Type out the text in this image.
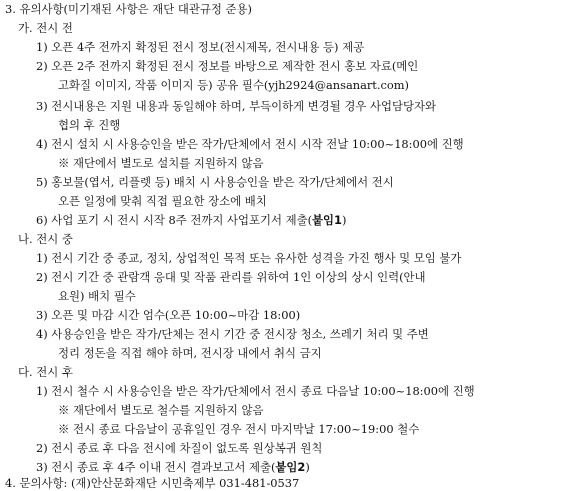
3. 유의사항(미기재된 사항은 재단 대관규정 준용)
가. 전시 전
1) 오픈 4주 전까지 확정된 전시 정보(전시제목, 전시내용 등) 제공
2) 오픈 2주 전까지 확정된 전시 정보를 바탕으로 제작한 전시 홍보 자료(메인
고화질 이미지, 작품 이미지 등) 공유 필수(yjh2924@ansanart.com)
3) 전시내용은 지원 내용과 동일해야 하며, 부득이하게 변경될 경우 사업담당자와
협의 후 진행
4) 전시 설치 시 사용승인을 받은 작가/단체에서 전시 시작 전날 10:00~18:00에 진행
※ 재단에서 별도로 설치를 지원하지 않음
5) 홍보물(엽서, 리플렛 등) 배치 시 사용승인을 받은 작가/단체에서 전시
오픈 일정에 맞춰 직접 필요한 장소에 배치
6) 사업 포기 시 전시 시작 8주 전까지 사업포기서 제출(붙임1)
나. 전시 중
1) 전시 기간 중 종교, 정치, 상업적인 목적 또는 유사한 성격을 가진 행사 및 모임 불가
2) 전시 기간 중 관람객 응대 및 작품 관리를 위하여 1인 이상의 상시 인력(안내
요원) 배치 필수
3) 오픈 및 마감 시간 엄수(오픈 10:00~마감 18:00)
4) 사용승인을 받은 작가/단체는 전시 기간 중 전시장 청소, 쓰레기 처리 및 주변
정리 정돈을 직접 해야 하며, 전시장 내에서 취식 금지
다. 전시 후
1) 전시 철수 시 사용승인을 받은 작가/단체에서 전시 종료 다음날 10:00~18:00에 진행
※ 재단에서 별도로 철수를 지원하지 않음
※ 전시 종료 다음날이 공휴일인 경우 전시 마지막날 17:00~19:00 철수
2) 전시 종료 후 다음 전시에 차질이 없도록 원상복귀 원칙
3) 전시 종료 후 4주 이내 전시 결과보고서 제출(붙임2)
4. 문의사항: (재)안산문화재단 시민축제부 031-481-0537
